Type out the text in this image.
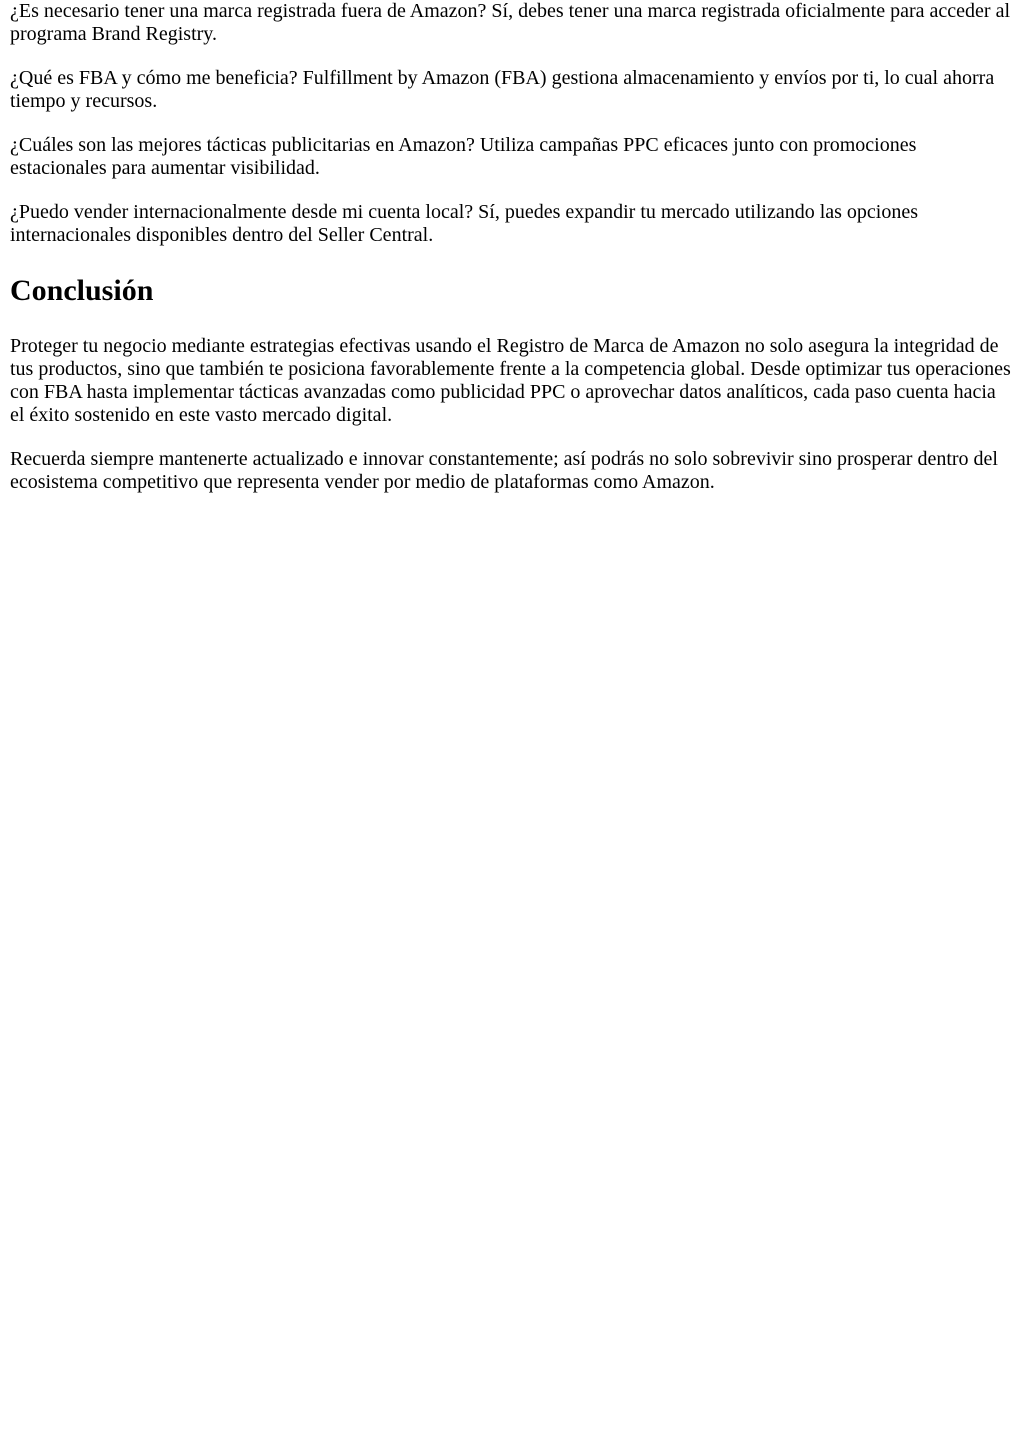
¿Es necesario tener una marca registrada fuera de Amazon? Sí, debes tener una marca registrada oficialmente para acceder al programa Brand Registry.

¿Qué es FBA y cómo me beneficia? Fulfillment by Amazon (FBA) gestiona almacenamiento y envíos por ti, lo cual ahorra tiempo y recursos.

¿Cuáles son las mejores tácticas publicitarias en Amazon? Utiliza campañas PPC eficaces junto con promociones estacionales para aumentar visibilidad.

¿Puedo vender internacionalmente desde mi cuenta local? Sí, puedes expandir tu mercado utilizando las opciones internacionales disponibles dentro del Seller Central.

Conclusión

Proteger tu negocio mediante estrategias efectivas usando el Registro de Marca de Amazon no solo asegura la integridad de tus productos, sino que también te posiciona favorablemente frente a la competencia global. Desde optimizar tus operaciones con FBA hasta implementar tácticas avanzadas como publicidad PPC o aprovechar datos analíticos, cada paso cuenta hacia el éxito sostenido en este vasto mercado digital.

Recuerda siempre mantenerte actualizado e innovar constantemente; así podrás no solo sobrevivir sino prosperar dentro del ecosistema competitivo que representa vender por medio de plataformas como Amazon.
